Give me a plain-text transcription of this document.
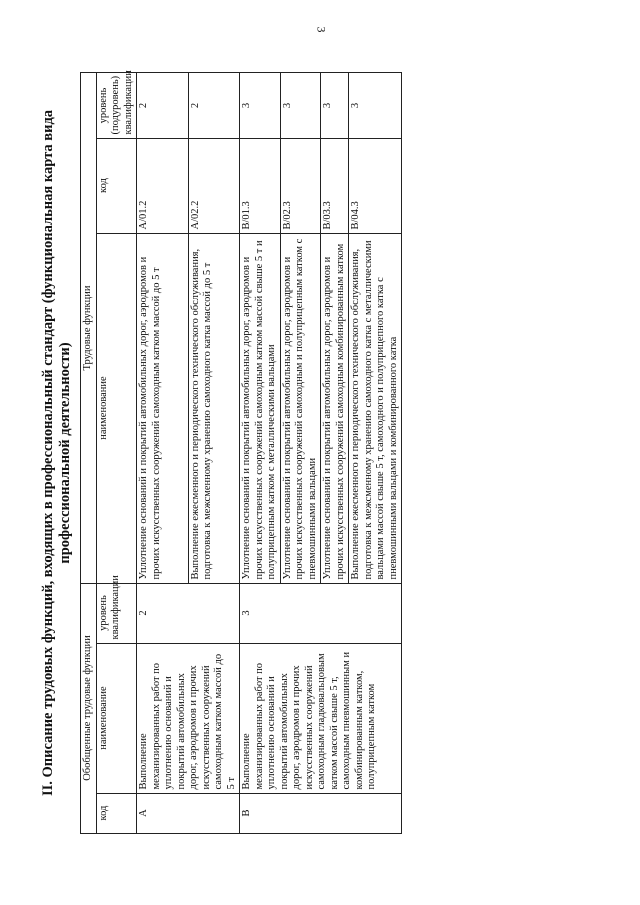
3
II. Описание трудовых функций, входящих в профессиональный стандарт (функциональная карта вида профессиональной деятельности)
Обобщенные трудовые функции			Трудовые функции		
код	наименование	уровень квалификации	наименование	код	уровень (подуровень) квалификации
А	Выполнение механизированных работ по уплотнению оснований и покрытий автомобильных дорог, аэродромов и прочих искусственных сооружений самоходным катком массой до 5 т	2	Уплотнение оснований и покрытий автомобильных дорог, аэродромов и прочих искусственных сооружений самоходным катком массой до 5 т	A/01.2	2
			Выполнение ежесменного и периодического технического обслуживания, подготовка к межсменному хранению самоходного катка массой до 5 т	A/02.2	2
В	Выполнение механизированных работ по уплотнению оснований и покрытий автомобильных дорог, аэродромов и прочих искусственных сооружений самоходным гладковальцовым катком массой свыше 5 т, самоходным пневмошинным и комбинированным катком, полуприцепным катком	3	Уплотнение оснований и покрытий автомобильных дорог, аэродромов и прочих искусственных сооружений самоходным катком массой свыше 5 т и полуприцепным катком с металлическими вальцами	B/01.3	3
			Уплотнение оснований и покрытий автомобильных дорог, аэродромов и прочих искусственных сооружений самоходным и полуприцепным катком с пневмошинными вальцами	B/02.3	3
			Уплотнение оснований и покрытий автомобильных дорог, аэродромов и прочих искусственных сооружений самоходным комбинированным катком	B/03.3	3
			Выполнение ежесменного и периодического технического обслуживания, подготовка к межсменному хранению самоходного катка с металлическими вальцами массой свыше 5 т, самоходного и полуприцепного катка с пневмошинными вальцами и комбинированного катка	B/04.3	3
